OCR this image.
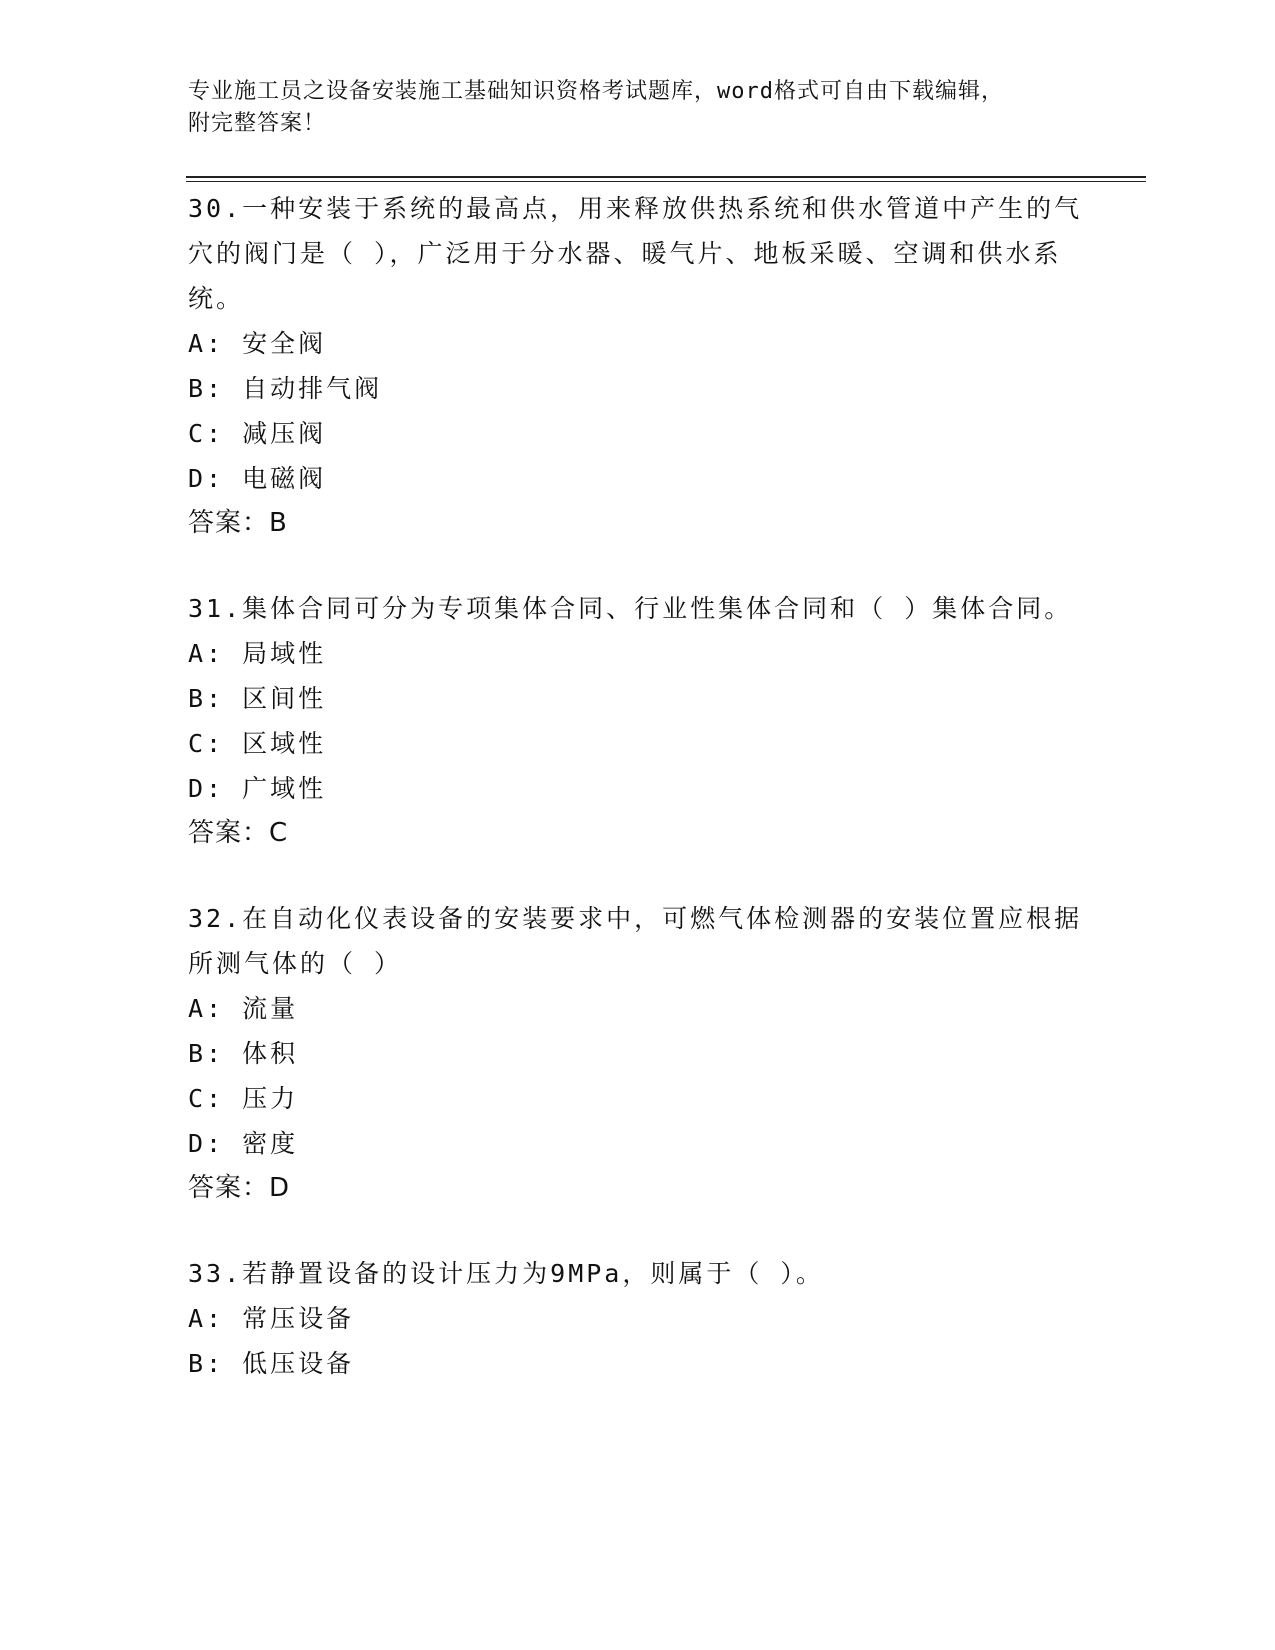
专业施工员之设备安装施工基础知识资格考试题库，word格式可自由下载编辑，
附完整答案！

30.一种安装于系统的最高点，用来释放供热系统和供水管道中产生的气穴的阀门是（ ），广泛用于分水器、暖气片、地板采暖、空调和供水系统。

A: 安全阀

B: 自动排气阀

C: 减压阀

D: 电磁阀

答案：B

31.集体合同可分为专项集体合同、行业性集体合同和（ ）集体合同。

A: 局域性

B: 区间性

C: 区域性

D: 广域性

答案：C

32.在自动化仪表设备的安装要求中，可燃气体检测器的安装位置应根据所测气体的（ ）

A: 流量

B: 体积

C: 压力

D: 密度

答案：D

33.若静置设备的设计压力为9MPa，则属于（ ）。

A: 常压设备

B: 低压设备
